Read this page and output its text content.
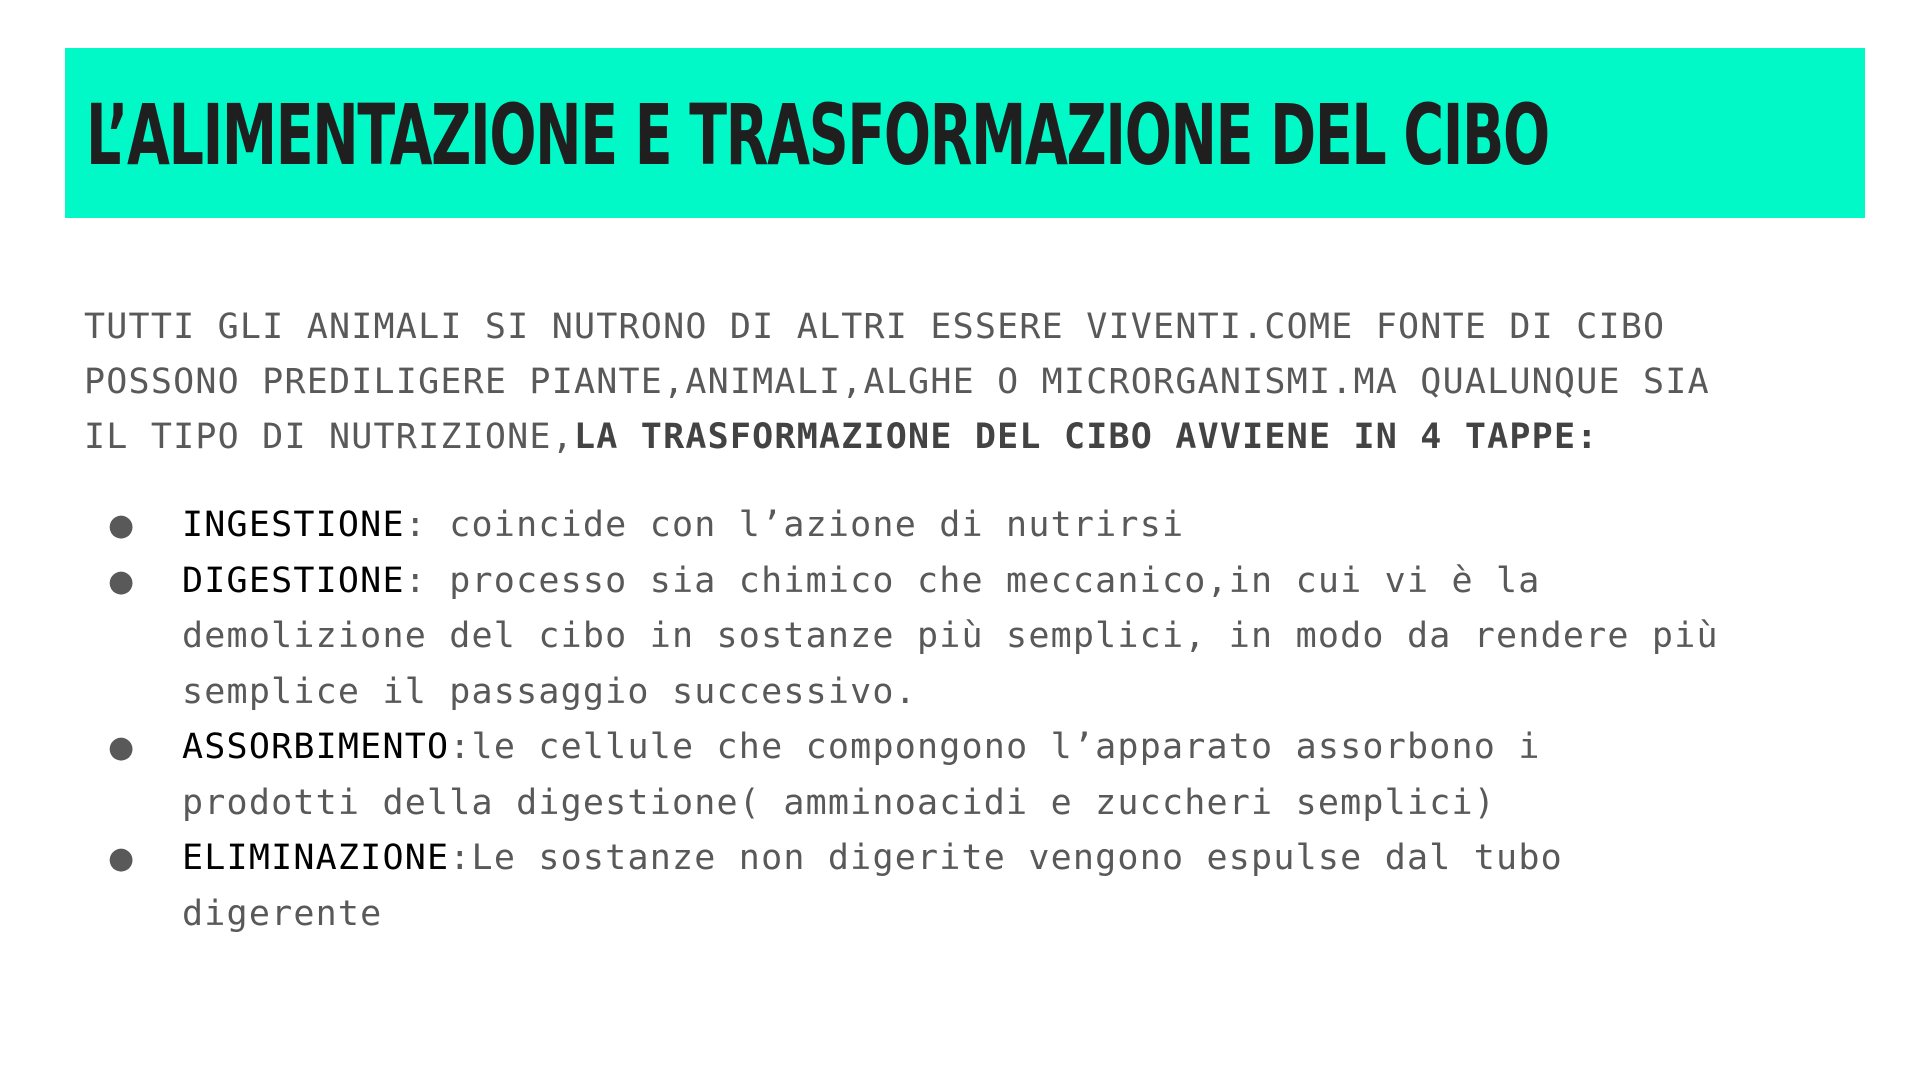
L’ALIMENTAZIONE E TRASFORMAZIONE DEL CIBO

TUTTI GLI ANIMALI SI NUTRONO DI ALTRI ESSERE VIVENTI.COME FONTE DI CIBO
POSSONO PREDILIGERE PIANTE,ANIMALI,ALGHE O MICRORGANISMI.MA QUALUNQUE SIA
IL TIPO DI NUTRIZIONE,LA TRASFORMAZIONE DEL CIBO AVVIENE IN 4 TAPPE:

● INGESTIONE: coincide con l’azione di nutrirsi
● DIGESTIONE: processo sia chimico che meccanico,in cui vi è la
demolizione del cibo in sostanze più semplici, in modo da rendere più
semplice il passaggio successivo.
● ASSORBIMENTO:le cellule che compongono l’apparato assorbono i
prodotti della digestione( amminoacidi e zuccheri semplici)
● ELIMINAZIONE:Le sostanze non digerite vengono espulse dal tubo
digerente
